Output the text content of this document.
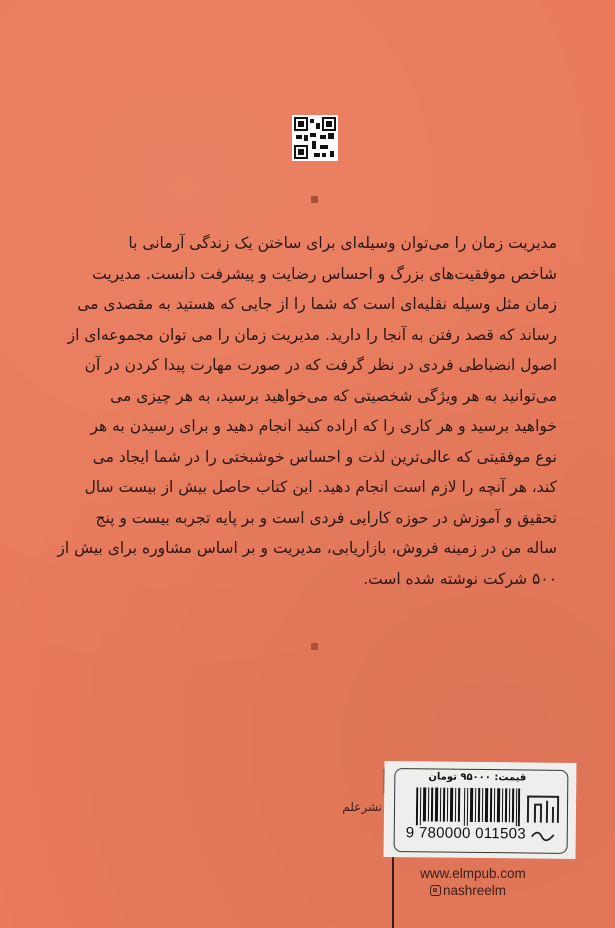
مدیریت زمان را می‌توان وسیله‌ای برای ساختن یک زندگی آرمانی با
شاخص موفقیت‌های بزرگ و احساس رضایت و پیشرفت دانست. مدیریت
زمان مثل وسیله نقلیه‌ای است که شما را از جایی که هستید به مقصدی می
رساند که قصد رفتن به آنجا را دارید. مدیریت زمان را می توان مجموعه‌ای از
اصول انضباطی فردی در نظر گرفت که در صورت مهارت پیدا کردن در آن
می‌توانید به هر ویژگی شخصیتی که می‌خواهید برسید، به هر چیزی می
خواهید برسید و هر کاری را که اراده کنید انجام دهید و برای رسیدن به هر
نوع موفقیتی که عالی‌ترین لذت و احساس خوشبختی را در شما ایجاد می
کند، هر آنچه را لازم است انجام دهید. این کتاب حاصل بیش از بیست سال
تحقیق و آموزش در حوزه کارایی فردی است و بر پایه تجربه بیست و پنج
ساله من در زمینه فروش، بازاریابی، مدیریت و بر اساس مشاوره برای بیش از
۵۰۰ شرکت نوشته شده است.
قیمت: ۹۵۰۰۰ تومان
9 780000 011503
نشرعلم
www.elmpub.com
nashreelm
